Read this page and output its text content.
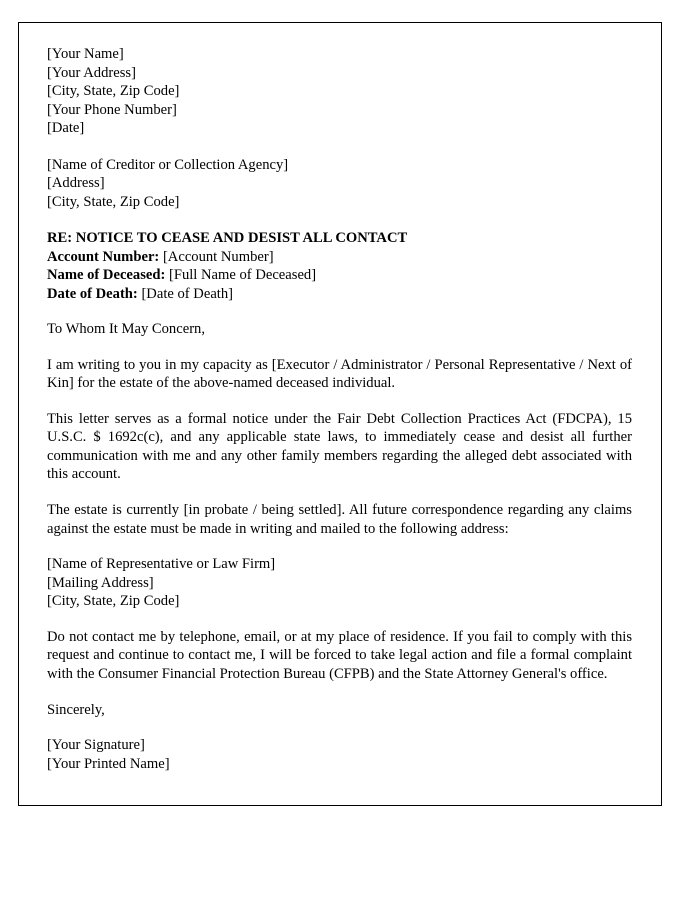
[Your Name]
[Your Address]
[City, State, Zip Code]
[Your Phone Number]
[Date]
[Name of Creditor or Collection Agency]
[Address]
[City, State, Zip Code]
RE: NOTICE TO CEASE AND DESIST ALL CONTACT
Account Number: [Account Number]
Name of Deceased: [Full Name of Deceased]
Date of Death: [Date of Death]
To Whom It May Concern,

I am writing to you in my capacity as [Executor / Administrator / Personal Representative / Next of Kin] for the estate of the above-named deceased individual.

This letter serves as a formal notice under the Fair Debt Collection Practices Act (FDCPA), 15 U.S.C. $ 1692c(c), and any applicable state laws, to immediately cease and desist all further communication with me and any other family members regarding the alleged debt associated with this account.

The estate is currently [in probate / being settled]. All future correspondence regarding any claims against the estate must be made in writing and mailed to the following address:

[Name of Representative or Law Firm]
[Mailing Address]
[City, State, Zip Code]

Do not contact me by telephone, email, or at my place of residence. If you fail to comply with this request and continue to contact me, I will be forced to take legal action and file a formal complaint with the Consumer Financial Protection Bureau (CFPB) and the State Attorney General's office.

Sincerely,
[Your Signature]
[Your Printed Name]
